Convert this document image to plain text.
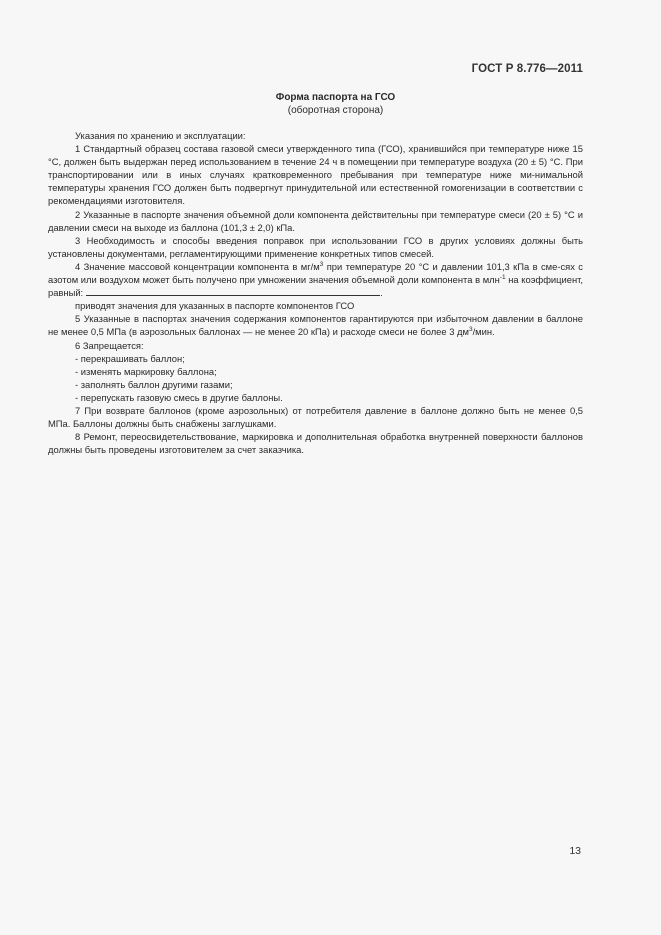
ГОСТ Р 8.776—2011
Форма паспорта на ГСО
(оборотная сторона)

Указания по хранению и эксплуатации:

1 Стандартный образец состава газовой смеси утвержденного типа (ГСО), хранившийся при температуре ниже 15 °С, должен быть выдержан перед использованием в течение 24 ч в помещении при температуре воздуха (20 ± 5) °С. При транспортировании или в иных случаях кратковременного пребывания при температуре ниже ми-нимальной температуры хранения ГСО должен быть подвергнут принудительной или естественной гомогенизации в соответствии с рекомендациями изготовителя.

2 Указанные в паспорте значения объемной доли компонента действительны при температуре смеси (20 ± 5) °С и давлении смеси на выходе из баллона (101,3 ± 2,0) кПа.

3 Необходимость и способы введения поправок при использовании ГСО в других условиях должны быть установлены документами, регламентирующими применение конкретных типов смесей.

4 Значение массовой концентрации компонента в $мг/м^3$ при температуре 20 °С и давлении 101,3 кПа в сме-сях с азотом или воздухом может быть получено при умножении значения объемной доли компонента в млн$^{-1}$ на коэффициент, равный:	.

приводят значения для указанных в паспорте компонентов ГСО

5 Указанные в паспортах значения содержания компонентов гарантируются при избыточном давлении в баллоне не менее 0,5 МПа (в аэрозольных баллонах — не менее 20 кПа) и расходе смеси не более 3 $дм^3$/мин.

6 Запрещается:

- перекрашивать баллон;

- изменять маркировку баллона;

- заполнять баллон другими газами;

- перепускать газовую смесь в другие баллоны.

7 При возврате баллонов (кроме аэрозольных) от потребителя давление в баллоне должно быть не менее 0,5 МПа. Баллоны должны быть снабжены заглушками.

8 Ремонт, переосвидетельствование, маркировка и дополнительная обработка внутренней поверхности баллонов должны быть проведены изготовителем за счет заказчика.

13
